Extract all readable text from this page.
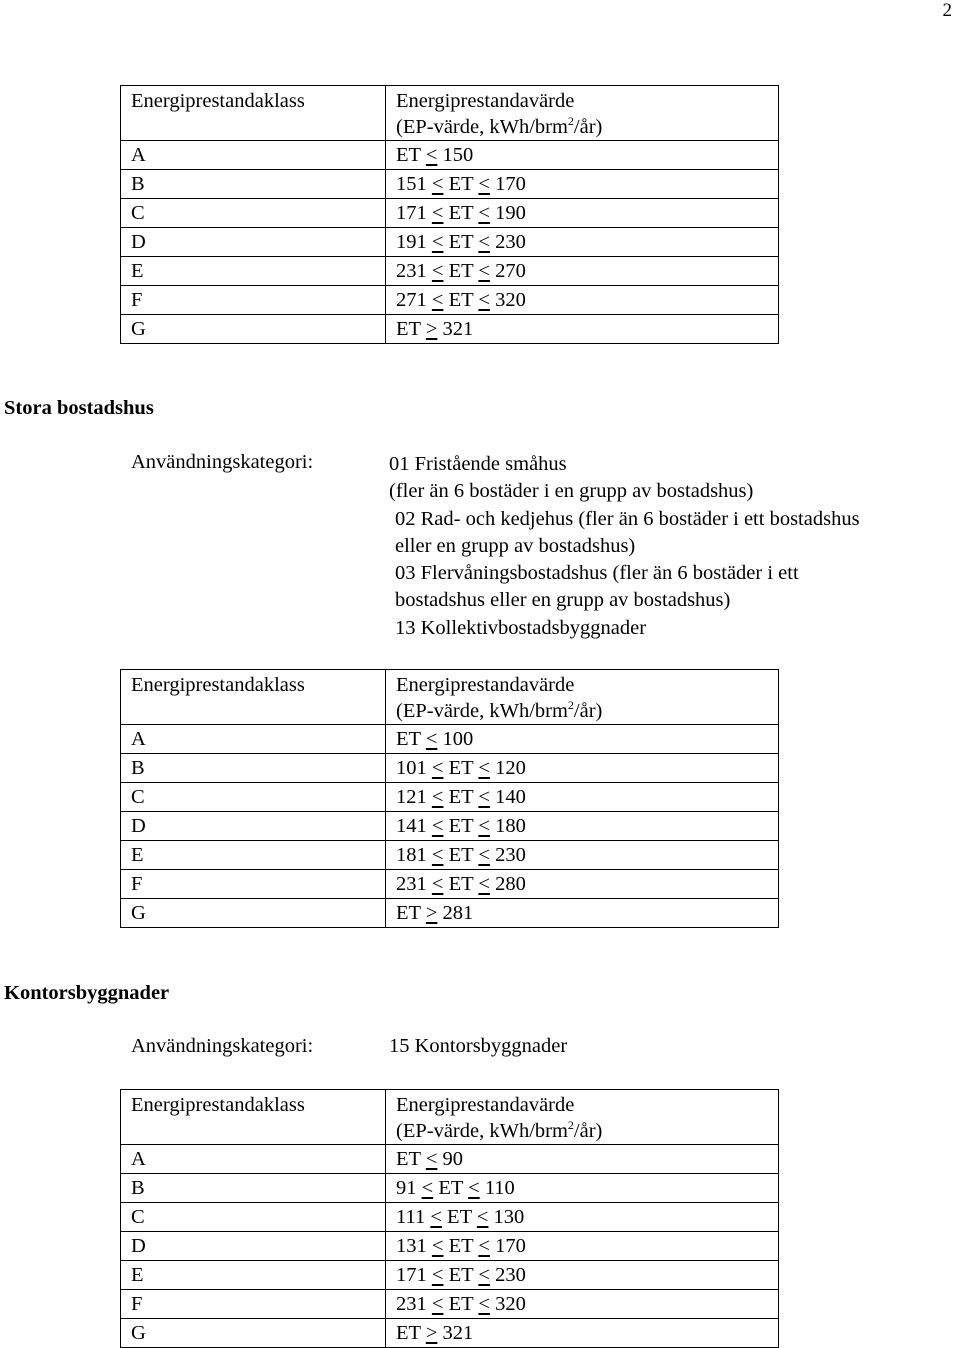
2
Energiprestandaklass	Energiprestandavärde
(EP-värde, kWh/brm$^2$/år)
A	ET < 150
B	151 < ET < 170
C	171 < ET < 190
D	191 < ET < 230
E	231 < ET < 270
F	271 < ET < 320
G	ET > 321
Stora bostadshus
Användningskategori:	01 Fristående småhus
(fler än 6 bostäder i en grupp av bostadshus)
02 Rad- och kedjehus (fler än 6 bostäder i ett bostadshus
eller en grupp av bostadshus)
03 Flervåningsbostadshus (fler än 6 bostäder i ett
bostadshus eller en grupp av bostadshus)
13 Kollektivbostadsbyggnader
Energiprestandaklass	Energiprestandavärde
(EP-värde, kWh/brm$^2$/år)
A	ET < 100
B	101 < ET < 120
C	121 < ET < 140
D	141 < ET < 180
E	181 < ET < 230
F	231 < ET < 280
G	ET > 281
Kontorsbyggnader
Användningskategori:	15 Kontorsbyggnader
Energiprestandaklass	Energiprestandavärde
(EP-värde, kWh/brm$^2$/år)
A	ET < 90
B	91 < ET < 110
C	111 < ET < 130
D	131 < ET < 170
E	171 < ET < 230
F	231 < ET < 320
G	ET > 321
